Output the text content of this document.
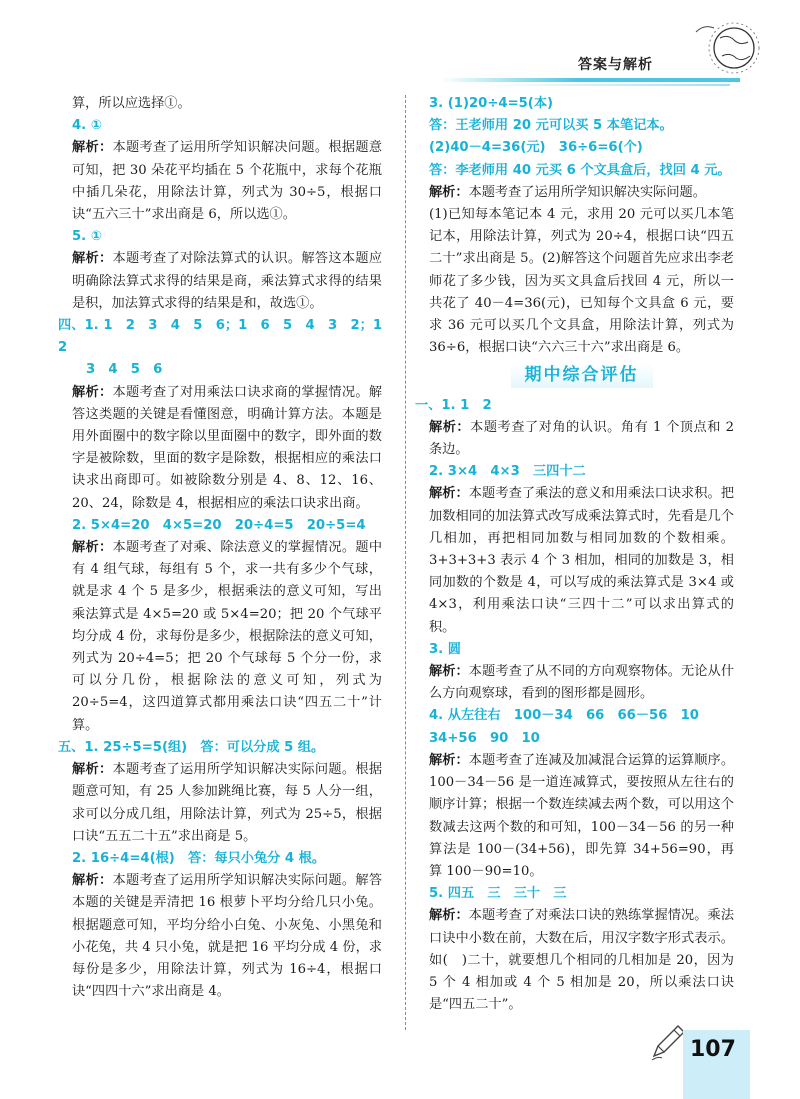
答案与解析

算，所以应选择①。

4. ①

解析：本题考查了运用所学知识解决问题。根据题意可知，把 30 朵花平均插在 5 个花瓶中，求每个花瓶中插几朵花，用除法计算，列式为 30÷5，根据口诀“五六三十”求出商是 6，所以选①。

5. ①

解析：本题考查了对除法算式的认识。解答这本题应明确除法算式求得的结果是商，乘法算式求得的结果是积，加法算式求得的结果是和，故选①。

四、1. 1　2　3　4　5　6；1　6　5　4　3　2；1　2

3　4　5　6

解析：本题考查了对用乘法口诀求商的掌握情况。解答这类题的关键是看懂图意，明确计算方法。本题是用外面圈中的数字除以里面圈中的数字，即外面的数字是被除数，里面的数字是除数，根据相应的乘法口诀求出商即可。如被除数分别是 4、8、12、16、20、24，除数是 4，根据相应的乘法口诀求出商。

2. 5×4=20　4×5=20　20÷4=5　20÷5=4

解析：本题考查了对乘、除法意义的掌握情况。题中有 4 组气球，每组有 5 个，求一共有多少个气球，就是求 4 个 5 是多少，根据乘法的意义可知，写出乘法算式是 4×5=20 或 5×4=20；把 20 个气球平均分成 4 份，求每份是多少，根据除法的意义可知，列式为 20÷4=5；把 20 个气球每 5 个分一份，求可以分几份，根据除法的意义可知，列式为 20÷5=4，这四道算式都用乘法口诀“四五二十”计算。

五、1. 25÷5=5(组)　答：可以分成 5 组。

解析：本题考查了运用所学知识解决实际问题。根据题意可知，有 25 人参加跳绳比赛，每 5 人分一组，求可以分成几组，用除法计算，列式为 25÷5，根据口诀“五五二十五”求出商是 5。

2. 16÷4=4(根)　答：每只小兔分 4 根。

解析：本题考查了运用所学知识解决实际问题。解答本题的关键是弄清把 16 根萝卜平均分给几只小兔。根据题意可知，平均分给小白兔、小灰兔、小黑兔和小花兔，共 4 只小兔，就是把 16 平均分成 4 份，求每份是多少，用除法计算，列式为 16÷4，根据口诀“四四十六”求出商是 4。

3. (1)20÷4=5(本)

答：王老师用 20 元可以买 5 本笔记本。

(2)40－4=36(元)　36÷6=6(个)

答：李老师用 40 元买 6 个文具盒后，找回 4 元。

解析：本题考查了运用所学知识解决实际问题。

(1)已知每本笔记本 4 元，求用 20 元可以买几本笔记本，用除法计算，列式为 20÷4，根据口诀“四五二十”求出商是 5。(2)解答这个问题首先应求出李老师花了多少钱，因为买文具盒后找回 4 元，所以一共花了 40－4=36(元)，已知每个文具盒 6 元，要求 36 元可以买几个文具盒，用除法计算，列式为 36÷6，根据口诀“六六三十六”求出商是 6。

期中综合评估

一、1. 1　2

解析：本题考查了对角的认识。角有 1 个顶点和 2 条边。

2. 3×4　4×3　三四十二

解析：本题考查了乘法的意义和用乘法口诀求积。把加数相同的加法算式改写成乘法算式时，先看是几个几相加，再把相同加数与相同加数的个数相乘。3+3+3+3 表示 4 个 3 相加，相同的加数是 3，相同加数的个数是 4，可以写成的乘法算式是 3×4 或 4×3，利用乘法口诀“三四十二”可以求出算式的积。

3. 圆

解析：本题考查了从不同的方向观察物体。无论从什么方向观察球，看到的图形都是圆形。

4. 从左往右　100－34　66　66－56　10

34+56　90　10

解析：本题考查了连减及加减混合运算的运算顺序。100－34－56 是一道连减算式，要按照从左往右的顺序计算；根据一个数连续减去两个数，可以用这个数减去这两个数的和可知，100－34－56 的另一种算法是 100－(34+56)，即先算 34+56=90，再算 100－90=10。

5. 四五　三　三十　三

解析：本题考查了对乘法口诀的熟练掌握情况。乘法口诀中小数在前，大数在后，用汉字数字形式表示。如(　)二十，就要想几个相同的几相加是 20，因为 5 个 4 相加或 4 个 5 相加是 20，所以乘法口诀是“四五二十”。

107
